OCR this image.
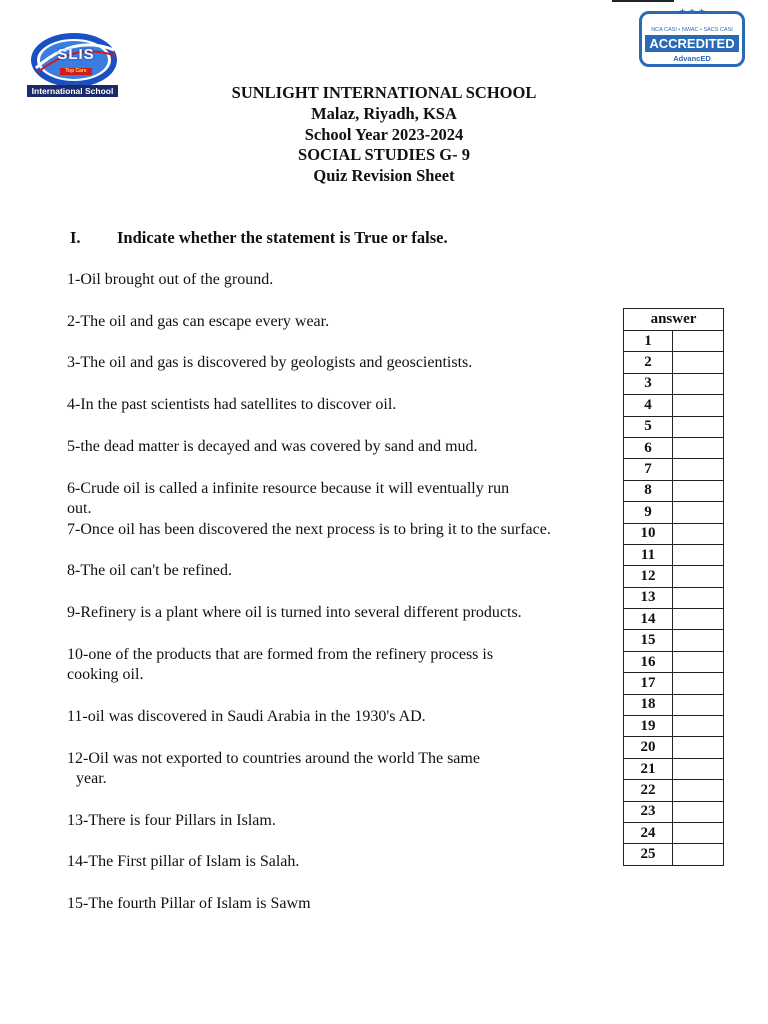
SLIS
Top Care
International School
★ ★ ★
NCA CASI • NWAC • SACS CASI
ACCREDITED
AdvancED
SUNLIGHT INTERNATIONAL SCHOOL
Malaz, Riyadh, KSA
School Year 2023-2024
SOCIAL STUDIES G- 9
Quiz Revision Sheet
I. Indicate whether the statement is True or false.
1-Oil brought out of the ground.
2-The oil and gas can escape every wear.
3-The oil and gas is discovered by geologists and geoscientists.
4-In the past scientists had satellites to discover oil.
5-the dead matter is decayed and was covered by sand and mud.
6-Crude oil is called a infinite resource because it will eventually run
out.
7-Once oil has been discovered the next process is to bring it to the surface.
8-The oil can't be refined.
9-Refinery is a plant where oil is turned into several different products.
10-one of the products that are formed from the refinery process is
cooking oil.
11-oil was discovered in Saudi Arabia in the 1930's AD.
12-Oil was not exported to countries around the world The same
year.
13-There is four Pillars in Islam.
14-The First pillar of Islam is Salah.
15-The fourth Pillar of Islam is Sawm
answer	
1	
2	
3	
4	
5	
6	
7	
8	
9	
10	
11	
12	
13	
14	
15	
16	
17	
18	
19	
20	
21	
22	
23	
24	
25	
